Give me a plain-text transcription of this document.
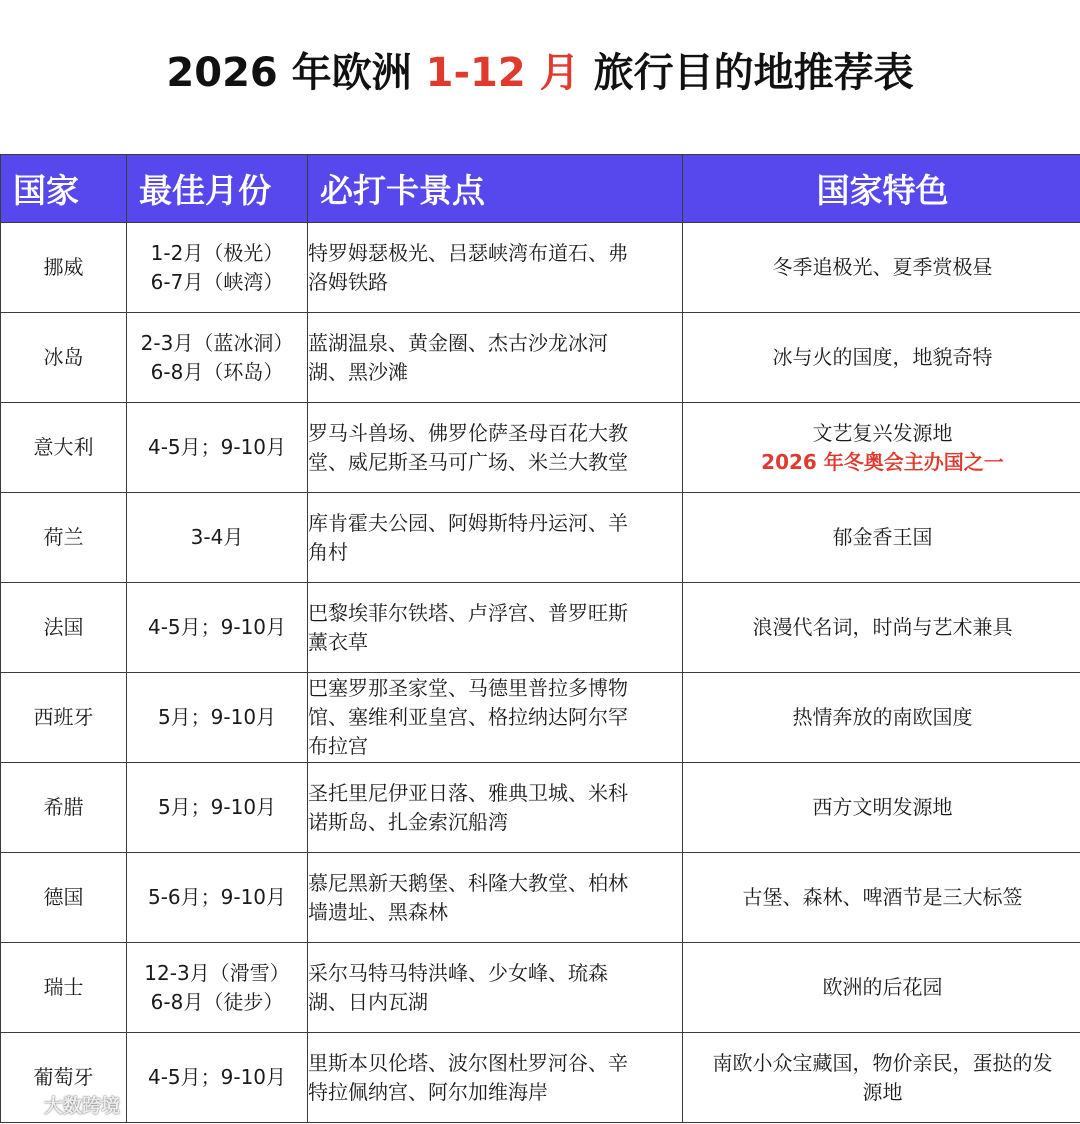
2026 年欧洲 1-12 月 旅行目的地推荐表
国家	最佳月份	必打卡景点	国家特色
挪威	1-2月（极光）
6-7月（峡湾）	特罗姆瑟极光、吕瑟峡湾布道石、弗
洛姆铁路	冬季追极光、夏季赏极昼

冰岛	2-3月（蓝冰洞）
6-8月（环岛）	蓝湖温泉、黄金圈、杰古沙龙冰河
湖、黑沙滩	冰与火的国度，地貌奇特

意大利	4-5月；9-10月	罗马斗兽场、佛罗伦萨圣母百花大教
堂、威尼斯圣马可广场、米兰大教堂	文艺复兴发源地
2026 年冬奥会主办国之一

荷兰	3-4月	库肯霍夫公园、阿姆斯特丹运河、羊
角村	郁金香王国

法国	4-5月；9-10月	巴黎埃菲尔铁塔、卢浮宫、普罗旺斯
薰衣草	浪漫代名词，时尚与艺术兼具

西班牙	5月；9-10月	巴塞罗那圣家堂、马德里普拉多博物
馆、塞维利亚皇宫、格拉纳达阿尔罕
布拉宫	热情奔放的南欧国度

希腊	5月；9-10月	圣托里尼伊亚日落、雅典卫城、米科
诺斯岛、扎金索沉船湾	西方文明发源地

德国	5-6月；9-10月	慕尼黑新天鹅堡、科隆大教堂、柏林
墙遗址、黑森林	古堡、森林、啤酒节是三大标签

瑞士	12-3月（滑雪）
6-8月（徒步）	采尔马特马特洪峰、少女峰、琉森
湖、日内瓦湖	欧洲的后花园

葡萄牙	4-5月；9-10月	里斯本贝伦塔、波尔图杜罗河谷、辛
特拉佩纳宫、阿尔加维海岸	南欧小众宝藏国，物价亲民，蛋挞的发
源地
大数跨境
